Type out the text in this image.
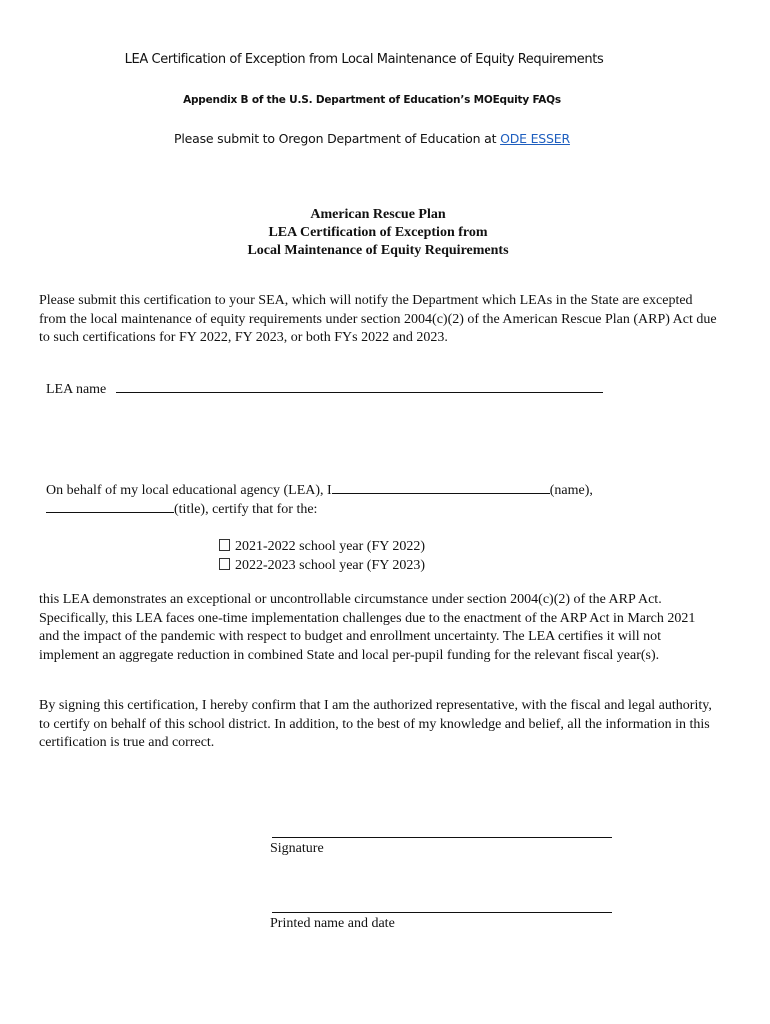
LEA Certification of Exception from Local Maintenance of Equity Requirements
Appendix B of the U.S. Department of Education’s MOEquity FAQs
Please submit to Oregon Department of Education at ODE ESSER
American Rescue Plan
LEA Certification of Exception from
Local Maintenance of Equity Requirements
Please submit this certification to your SEA, which will notify the Department which LEAs in the State are excepted from the local maintenance of equity requirements under section 2004(c)(2) of the American Rescue Plan (ARP) Act due to such certifications for FY 2022, FY 2023, or both FYs 2022 and 2023.
LEA name
On behalf of my local educational agency (LEA), I	(name),
(title), certify that for the:
2021-2022 school year (FY 2022)
2022-2023 school year (FY 2023)
this LEA demonstrates an exceptional or uncontrollable circumstance under section 2004(c)(2) of the ARP Act. Specifically, this LEA faces one-time implementation challenges due to the enactment of the ARP Act in March 2021 and the impact of the pandemic with respect to budget and enrollment uncertainty. The LEA certifies it will not implement an aggregate reduction in combined State and local per-pupil funding for the relevant fiscal year(s).
By signing this certification, I hereby confirm that I am the authorized representative, with the fiscal and legal authority, to certify on behalf of this school district. In addition, to the best of my knowledge and belief, all the information in this certification is true and correct.
Signature
Printed name and date
